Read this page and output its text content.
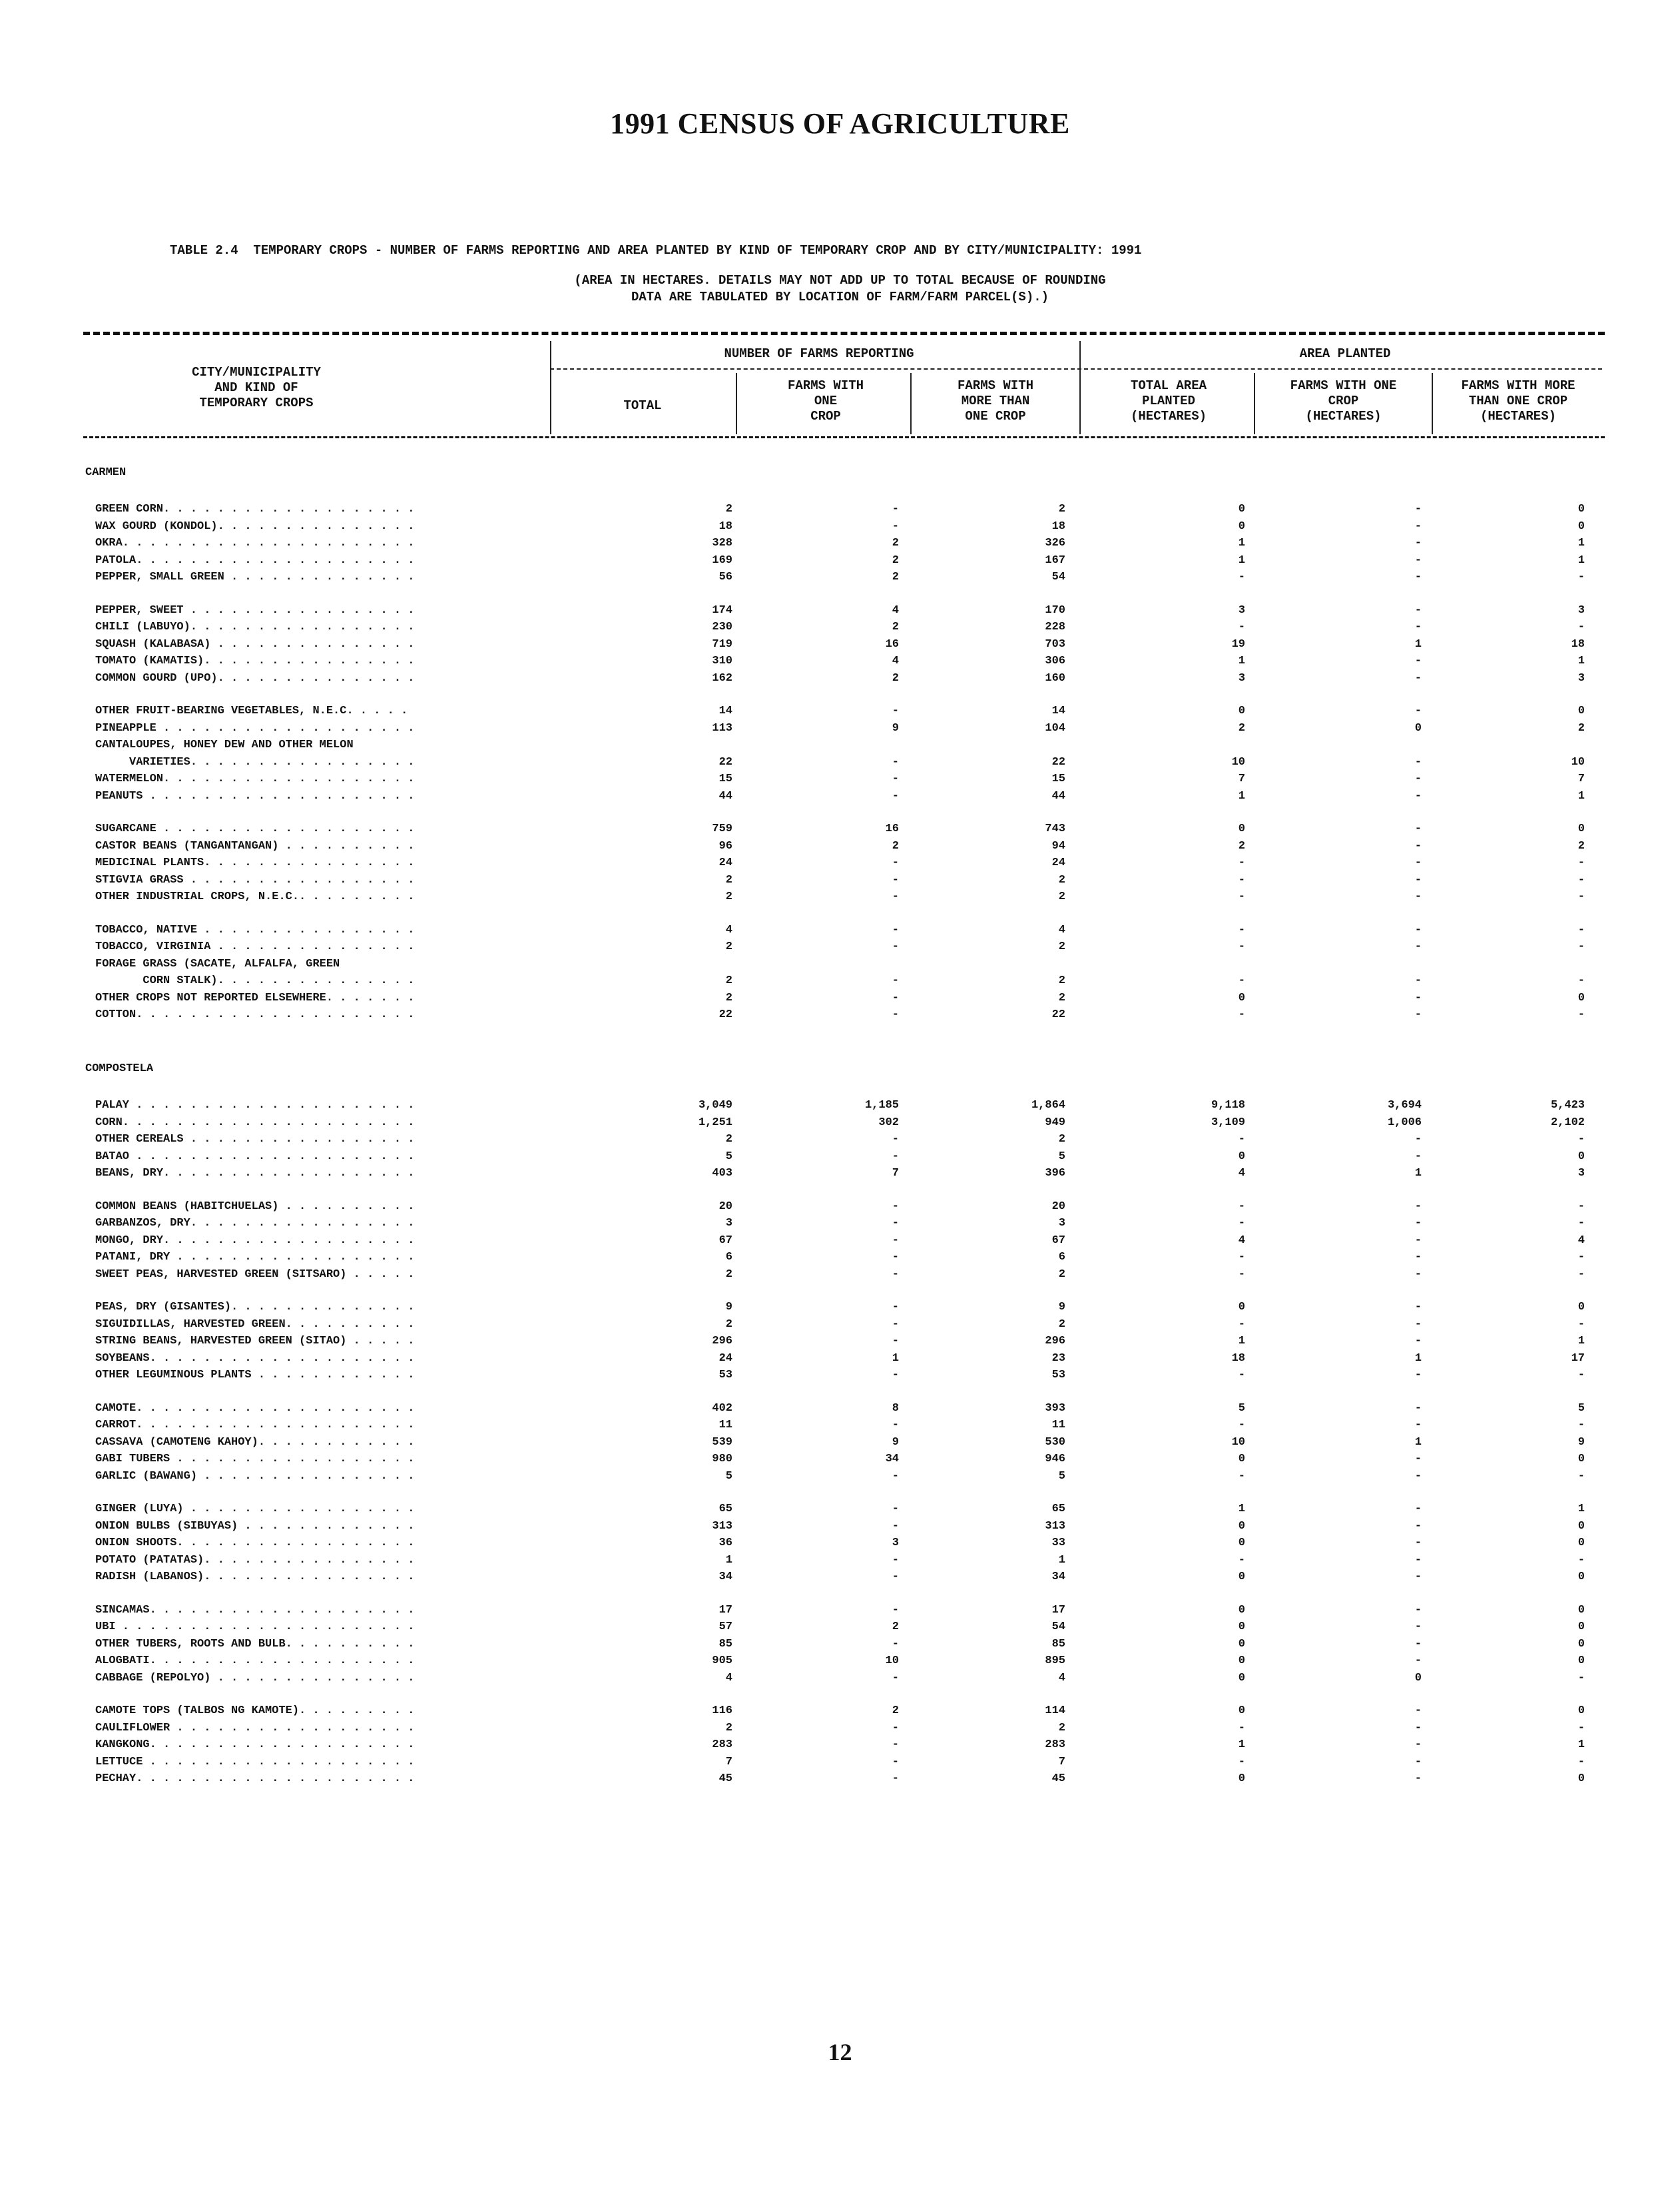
1991 CENSUS OF AGRICULTURE
TABLE 2.4  TEMPORARY CROPS - NUMBER OF FARMS REPORTING AND AREA PLANTED BY KIND OF TEMPORARY CROP AND BY CITY/MUNICIPALITY: 1991
(AREA IN HECTARES. DETAILS MAY NOT ADD UP TO TOTAL BECAUSE OF ROUNDING
DATA ARE TABULATED BY LOCATION OF FARM/FARM PARCEL(S).)
CITY/MUNICIPALITY
AND KIND OF
TEMPORARY CROPS
NUMBER OF FARMS REPORTING	AREA PLANTED
TOTAL
FARMS WITH
ONE
CROP
FARMS WITH
MORE THAN
ONE CROP
TOTAL AREA
PLANTED
(HECTARES)
FARMS WITH ONE
CROP
(HECTARES)
FARMS WITH MORE
THAN ONE CROP
(HECTARES)
CARMEN
COMPOSTELA
GREEN CORN. . . . . . . . . . . . . . . . . . .	2	-	2	0	-	0
WAX GOURD (KONDOL). . . . . . . . . . . . . . .	18	-	18	0	-	0
OKRA. . . . . . . . . . . . . . . . . . . . . .	328	2	326	1	-	1
PATOLA. . . . . . . . . . . . . . . . . . . . .	169	2	167	1	-	1
PEPPER, SMALL GREEN . . . . . . . . . . . . . .	56	2	54	-	-	-
PEPPER, SWEET . . . . . . . . . . . . . . . . .	174	4	170	3	-	3
CHILI (LABUYO). . . . . . . . . . . . . . . . .	230	2	228	-	-	-
SQUASH (KALABASA) . . . . . . . . . . . . . . .	719	16	703	19	1	18
TOMATO (KAMATIS). . . . . . . . . . . . . . . .	310	4	306	1	-	1
COMMON GOURD (UPO). . . . . . . . . . . . . . .	162	2	160	3	-	3
OTHER FRUIT-BEARING VEGETABLES, N.E.C. . . . .	14	-	14	0	-	0
PINEAPPLE . . . . . . . . . . . . . . . . . . .	113	9	104	2	0	2
CANTALOUPES, HONEY DEW AND OTHER MELON
VARIETIES. . . . . . . . . . . . . . . . .	22	-	22	10	-	10
WATERMELON. . . . . . . . . . . . . . . . . . .	15	-	15	7	-	7
PEANUTS . . . . . . . . . . . . . . . . . . . .	44	-	44	1	-	1
SUGARCANE . . . . . . . . . . . . . . . . . . .	759	16	743	0	-	0
CASTOR BEANS (TANGANTANGAN) . . . . . . . . . .	96	2	94	2	-	2
MEDICINAL PLANTS. . . . . . . . . . . . . . . .	24	-	24	-	-	-
STIGVIA GRASS . . . . . . . . . . . . . . . . .	2	-	2	-	-	-
OTHER INDUSTRIAL CROPS, N.E.C.. . . . . . . . .	2	-	2	-	-	-
TOBACCO, NATIVE . . . . . . . . . . . . . . . .	4	-	4	-	-	-
TOBACCO, VIRGINIA . . . . . . . . . . . . . . .	2	-	2	-	-	-
FORAGE GRASS (SACATE, ALFALFA, GREEN
CORN STALK). . . . . . . . . . . . . . .	2	-	2	-	-	-
OTHER CROPS NOT REPORTED ELSEWHERE. . . . . . .	2	-	2	0	-	0
COTTON. . . . . . . . . . . . . . . . . . . . .	22	-	22	-	-	-
PALAY . . . . . . . . . . . . . . . . . . . . .	3,049	1,185	1,864	9,118	3,694	5,423
CORN. . . . . . . . . . . . . . . . . . . . . .	1,251	302	949	3,109	1,006	2,102
OTHER CEREALS . . . . . . . . . . . . . . . . .	2	-	2	-	-	-
BATAO . . . . . . . . . . . . . . . . . . . . .	5	-	5	0	-	0
BEANS, DRY. . . . . . . . . . . . . . . . . . .	403	7	396	4	1	3
COMMON BEANS (HABITCHUELAS) . . . . . . . . . .	20	-	20	-	-	-
GARBANZOS, DRY. . . . . . . . . . . . . . . . .	3	-	3	-	-	-
MONGO, DRY. . . . . . . . . . . . . . . . . . .	67	-	67	4	-	4
PATANI, DRY . . . . . . . . . . . . . . . . . .	6	-	6	-	-	-
SWEET PEAS, HARVESTED GREEN (SITSARO) . . . . .	2	-	2	-	-	-
PEAS, DRY (GISANTES). . . . . . . . . . . . . .	9	-	9	0	-	0
SIGUIDILLAS, HARVESTED GREEN. . . . . . . . . .	2	-	2	-	-	-
STRING BEANS, HARVESTED GREEN (SITAO) . . . . .	296	-	296	1	-	1
SOYBEANS. . . . . . . . . . . . . . . . . . . .	24	1	23	18	1	17
OTHER LEGUMINOUS PLANTS . . . . . . . . . . . .	53	-	53	-	-	-
CAMOTE. . . . . . . . . . . . . . . . . . . . .	402	8	393	5	-	5
CARROT. . . . . . . . . . . . . . . . . . . . .	11	-	11	-	-	-
CASSAVA (CAMOTENG KAHOY). . . . . . . . . . . .	539	9	530	10	1	9
GABI TUBERS . . . . . . . . . . . . . . . . . .	980	34	946	0	-	0
GARLIC (BAWANG) . . . . . . . . . . . . . . . .	5	-	5	-	-	-
GINGER (LUYA) . . . . . . . . . . . . . . . . .	65	-	65	1	-	1
ONION BULBS (SIBUYAS) . . . . . . . . . . . . .	313	-	313	0	-	0
ONION SHOOTS. . . . . . . . . . . . . . . . . .	36	3	33	0	-	0
POTATO (PATATAS). . . . . . . . . . . . . . . .	1	-	1	-	-	-
RADISH (LABANOS). . . . . . . . . . . . . . . .	34	-	34	0	-	0
SINCAMAS. . . . . . . . . . . . . . . . . . . .	17	-	17	0	-	0
UBI . . . . . . . . . . . . . . . . . . . . . .	57	2	54	0	-	0
OTHER TUBERS, ROOTS AND BULB. . . . . . . . . .	85	-	85	0	-	0
ALOGBATI. . . . . . . . . . . . . . . . . . . .	905	10	895	0	-	0
CABBAGE (REPOLYO) . . . . . . . . . . . . . . .	4	-	4	0	0	-
CAMOTE TOPS (TALBOS NG KAMOTE). . . . . . . . .	116	2	114	0	-	0
CAULIFLOWER . . . . . . . . . . . . . . . . . .	2	-	2	-	-	-
KANGKONG. . . . . . . . . . . . . . . . . . . .	283	-	283	1	-	1
LETTUCE . . . . . . . . . . . . . . . . . . . .	7	-	7	-	-	-
PECHAY. . . . . . . . . . . . . . . . . . . . .	45	-	45	0	-	0
12
